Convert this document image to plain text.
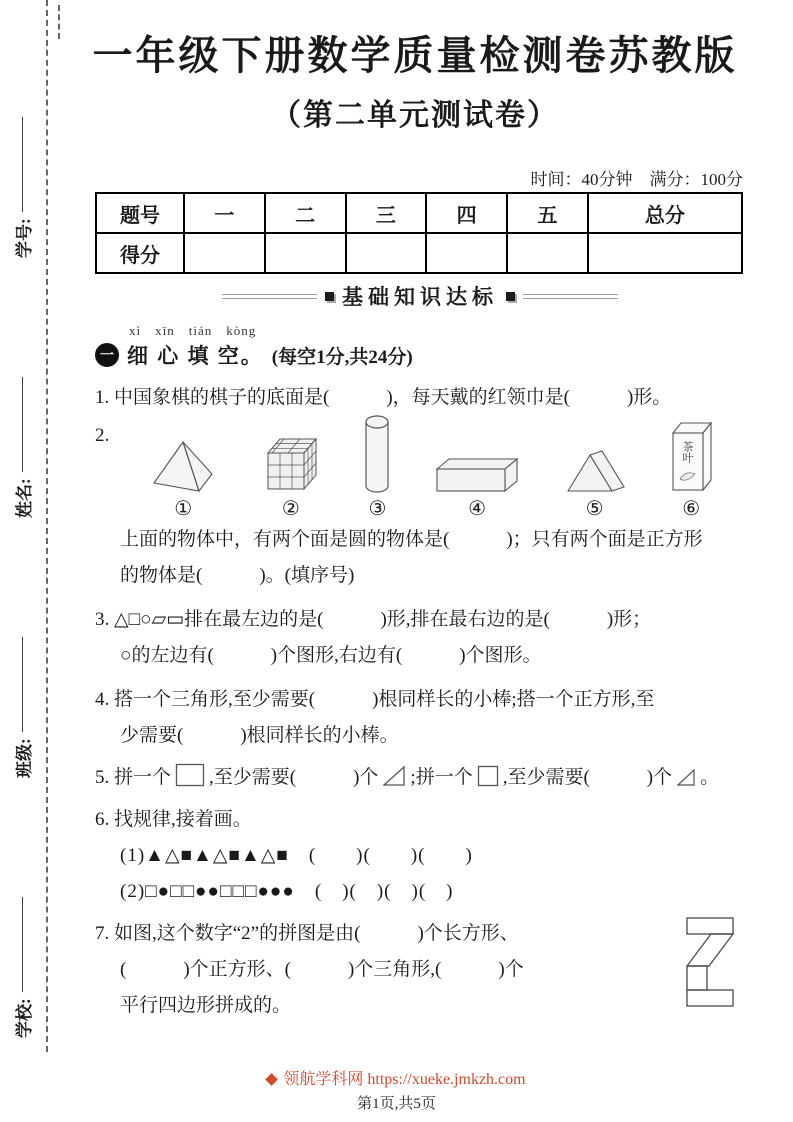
学号:
姓名:
班级:
学校:
一年级下册数学质量检测卷苏教版
（第二单元测试卷）
时间：40分钟　满分：100分
题号	一	二	三	四	五	总分
得分						
基础知识达标
xì　xīn　tián　kòng
一 细 心 填 空。 (每空1分,共24分)
1. 中国象棋的棋子的底面是(　　　)，每天戴的红领巾是(　　　)形。
2.
①	②	③	④	⑤
茶叶
⑥
上面的物体中，有两个面是圆的物体是(　　　)；只有两个面是正方形
的物体是(　　　)。(填序号)
3. △□○▱▭排在最左边的是(　　　)形,排在最右边的是(　　　)形；
○的左边有(　　　)个图形,右边有(　　　)个图形。
4. 搭一个三角形,至少需要(　　　)根同样长的小棒;搭一个正方形,至
少需要(　　　)根同样长的小棒。
5. 拼一个 ,至少需要(　　　)个 ;拼一个 ,至少需要(　　　)个 。
6. 找规律,接着画。
(1)▲△■▲△■▲△■　(　　)(　　)(　　)
(2)□●□□●●□□□●●●　(　)(　)(　)(　)
7. 如图,这个数字“2”的拼图是由(　　　)个长方形、
(　　　)个正方形、(　　　)个三角形,(　　　)个
平行四边形拼成的。
领航学科网 https://xueke.jmkzh.com
第1页,共5页
